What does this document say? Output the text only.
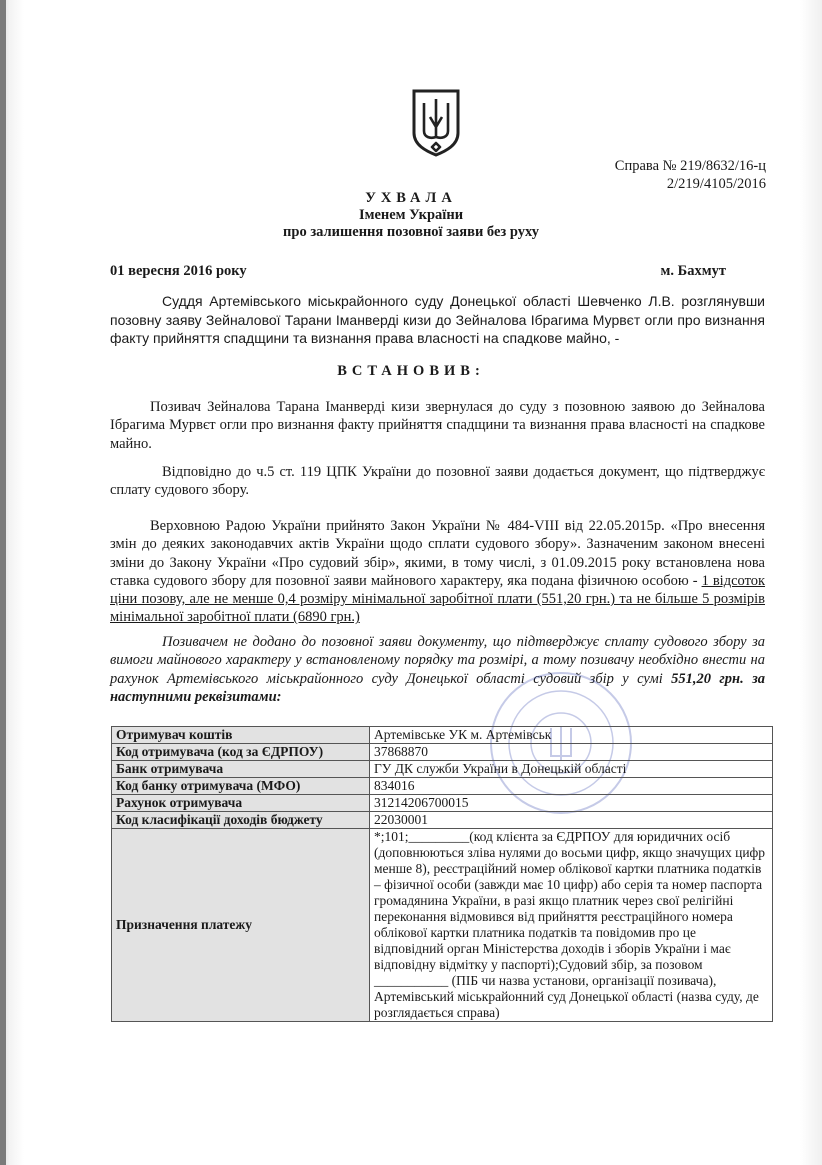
Справа № 219/8632/16-ц
2/219/4105/2016
УХВАЛА
Іменем України
про залишення позовної заяви без руху
01 вересня 2016 року	м. Бахмут
Суддя Артемівського міськрайонного суду Донецької області Шевченко Л.В. розглянувши позовну заяву Зейналової Тарани Іманверді кизи до Зейналова Ібрагима Мурвєт огли про визнання факту прийняття спадщини та визнання права власності на спадкове майно, -
ВСТАНОВИВ:
Позивач Зейналова Тарана Іманверді кизи звернулася до суду з позовною заявою до Зейналова Ібрагима Мурвєт огли про визнання факту прийняття спадщини та визнання права власності на спадкове майно.
Відповідно до ч.5 ст. 119 ЦПК України до позовної заяви додається документ, що підтверджує сплату судового збору.
Верховною Радою України прийнято Закон України № 484-VIII від 22.05.2015р. «Про внесення змін до деяких законодавчих актів України щодо сплати судового збору». Зазначеним законом внесені зміни до Закону України «Про судовий збір», якими, в тому числі, з 01.09.2015 року встановлена нова ставка судового збору для позовної заяви майнового характеру, яка подана фізичною особою - 1 відсоток ціни позову, але не менше 0,4 розміру мінімальної заробітної плати (551,20 грн.) та не більше 5 розмірів мінімальної заробітної плати (6890 грн.)
Позивачем не додано до позовної заяви документу, що підтверджує сплату судового збору за вимоги майнового характеру у встановленому порядку та розмірі, а тому позивачу необхідно внести на рахунок Артемівського міськрайонного суду Донецької області судовий збір у сумі 551,20 грн. за наступними реквізитами:
Отримувач коштів	Артемівське УК м. Артемівськ
Код отримувача (код за ЄДРПОУ)	37868870
Банк отримувача	ГУ ДК служби України в Донецькій області
Код банку отримувача (МФО)	834016
Рахунок отримувача	31214206700015
Код класифікації доходів бюджету	22030001
Призначення платежу	*;101;_________(код клієнта за ЄДРПОУ для юридичних осіб (доповнюються зліва нулями до восьми цифр, якщо значущих цифр менше 8), реєстраційний номер облікової картки платника податків – фізичної особи (завжди має 10 цифр) або серія та номер паспорта громадянина України, в разі якщо платник через свої релігійні переконання відмовився від прийняття реєстраційного номера облікової картки платника податків та повідомив про це відповідний орган Міністерства доходів і зборів України і має відповідну відмітку у паспорті);Судовий збір, за позовом ___________ (ПІБ чи назва установи, організації позивача), Артемівський міськрайонний суд Донецької області (назва суду, де розглядається справа)
